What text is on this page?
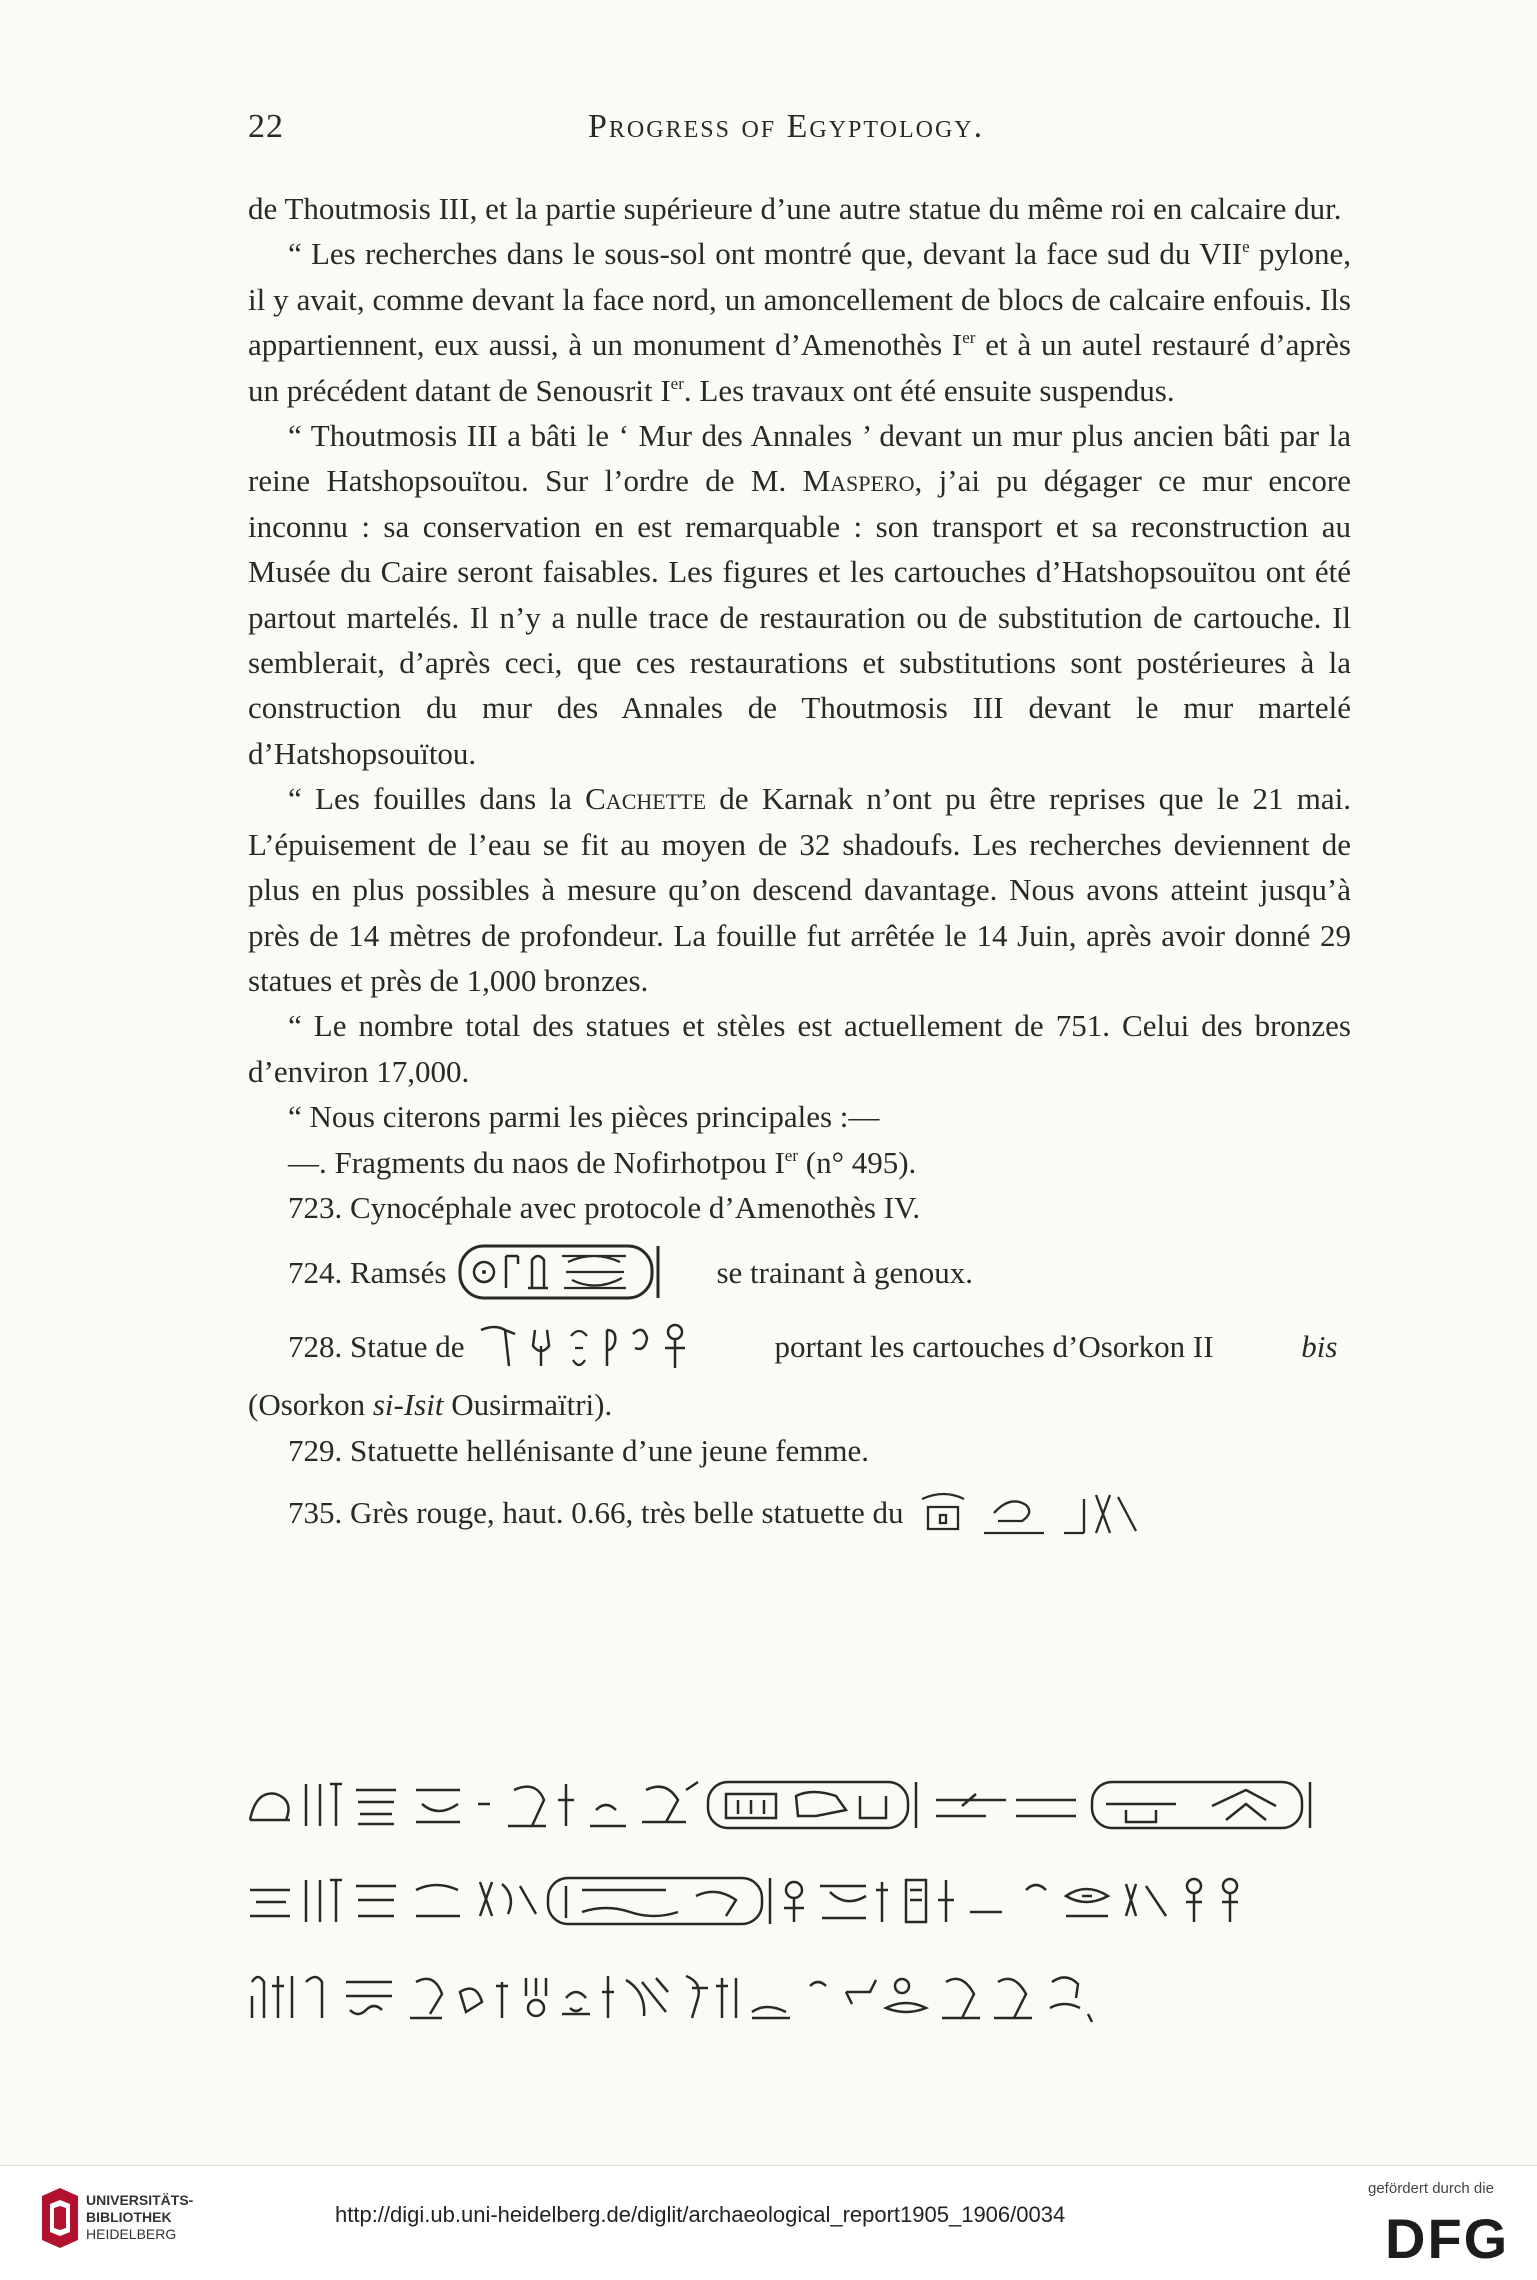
22	Progress of Egyptology.

de Thoutmosis III, et la partie supérieure d’une autre statue du même roi en calcaire dur.

“ Les recherches dans le sous-sol ont montré que, devant la face sud du VIIe pylone, il y avait, comme devant la face nord, un amoncellement de blocs de calcaire enfouis. Ils appartiennent, eux aussi, à un monument d’Amenothès Ier et à un autel restauré d’après un précédent datant de Senousrit Ier. Les travaux ont été ensuite suspendus.

“ Thoutmosis III a bâti le ‘ Mur des Annales ’ devant un mur plus ancien bâti par la reine Hatshopsouïtou. Sur l’ordre de M. Maspero, j’ai pu dégager ce mur encore inconnu : sa conservation en est remarquable : son transport et sa reconstruction au Musée du Caire seront faisables. Les figures et les cartouches d’Hatshopsouïtou ont été partout martelés. Il n’y a nulle trace de restauration ou de substitution de cartouche. Il semblerait, d’après ceci, que ces restaurations et substitutions sont postérieures à la construction du mur des Annales de Thoutmosis III devant le mur martelé d’Hatshopsouïtou.

“ Les fouilles dans la Cachette de Karnak n’ont pu être reprises que le 21 mai. L’épuisement de l’eau se fit au moyen de 32 shadoufs. Les recherches deviennent de plus en plus possibles à mesure qu’on descend davantage. Nous avons atteint jusqu’à près de 14 mètres de profondeur. La fouille fut arrêtée le 14 Juin, après avoir donné 29 statues et près de 1,000 bronzes.

“ Le nombre total des statues et stèles est actuellement de 751. Celui des bronzes d’environ 17,000.

“ Nous citerons parmi les pièces principales :—

—. Fragments du naos de Nofirhotpou Ier (n° 495).

723. Cynocéphale avec protocole d’Amenothès IV.

724. Ramsés	se trainant à genoux.

728. Statue de	portant les cartouches d’Osorkon II
	bis

(Osorkon si-Isit Ousirmaïtri).

729. Statuette hellénisante d’une jeune femme.

735. Grès rouge, haut. 0.66, très belle statuette du

UNIVERSITÄTS-
BIBLIOTHEK
HEIDELBERG
http://digi.ub.uni-heidelberg.de/diglit/archaeological_report1905_1906/0034
gefördert durch die
DFG
